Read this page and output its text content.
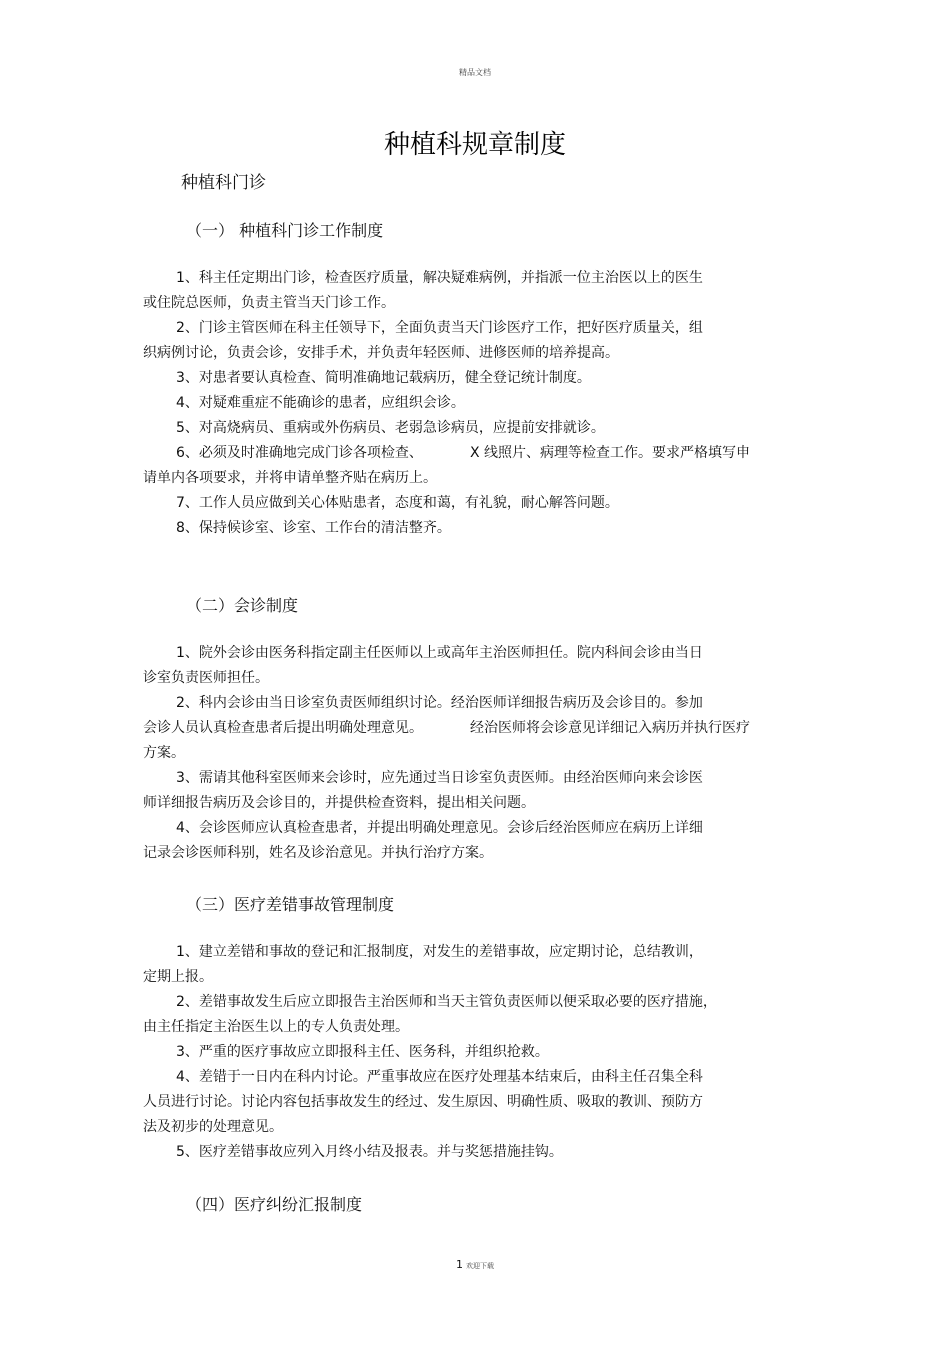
精品文档
种植科规章制度
种植科门诊
（一） 种植科门诊工作制度
1、科主任定期出门诊，检查医疗质量，解决疑难病例，并指派一位主治医以上的医生
或住院总医师，负责主管当天门诊工作。
2、门诊主管医师在科主任领导下，全面负责当天门诊医疗工作，把好医疗质量关，组
织病例讨论，负责会诊，安排手术，并负责年轻医师、进修医师的培养提高。
3、对患者要认真检查、简明准确地记载病历，健全登记统计制度。
4、对疑难重症不能确诊的患者，应组织会诊。
5、对高烧病员、重病或外伤病员、老弱急诊病员，应提前安排就诊。
6、必须及时准确地完成门诊各项检查、	X 线照片、病理等检查工作。要求严格填写申
请单内各项要求，并将申请单整齐贴在病历上。
7、工作人员应做到关心体贴患者，态度和蔼，有礼貌，耐心解答问题。
8、保持候诊室、诊室、工作台的清洁整齐。
（二）会诊制度
1、院外会诊由医务科指定副主任医师以上或高年主治医师担任。院内科间会诊由当日
诊室负责医师担任。
2、科内会诊由当日诊室负责医师组织讨论。经治医师详细报告病历及会诊目的。参加
会诊人员认真检查患者后提出明确处理意见。	经治医师将会诊意见详细记入病历并执行医疗
方案。
3、需请其他科室医师来会诊时，应先通过当日诊室负责医师。由经治医师向来会诊医
师详细报告病历及会诊目的，并提供检查资料，提出相关问题。
4、会诊医师应认真检查患者，并提出明确处理意见。会诊后经治医师应在病历上详细
记录会诊医师科别，姓名及诊治意见。并执行治疗方案。
（三）医疗差错事故管理制度
1、建立差错和事故的登记和汇报制度，对发生的差错事故，应定期讨论，总结教训，
定期上报。
2、差错事故发生后应立即报告主治医师和当天主管负责医师以便采取必要的医疗措施，
由主任指定主治医生以上的专人负责处理。
3、严重的医疗事故应立即报科主任、医务科，并组织抢救。
4、差错于一日内在科内讨论。严重事故应在医疗处理基本结束后，由科主任召集全科
人员进行讨论。讨论内容包括事故发生的经过、发生原因、明确性质、吸取的教训、预防方
法及初步的处理意见。
5、医疗差错事故应列入月终小结及报表。并与奖惩措施挂钩。
（四）医疗纠纷汇报制度
1 欢迎下载
